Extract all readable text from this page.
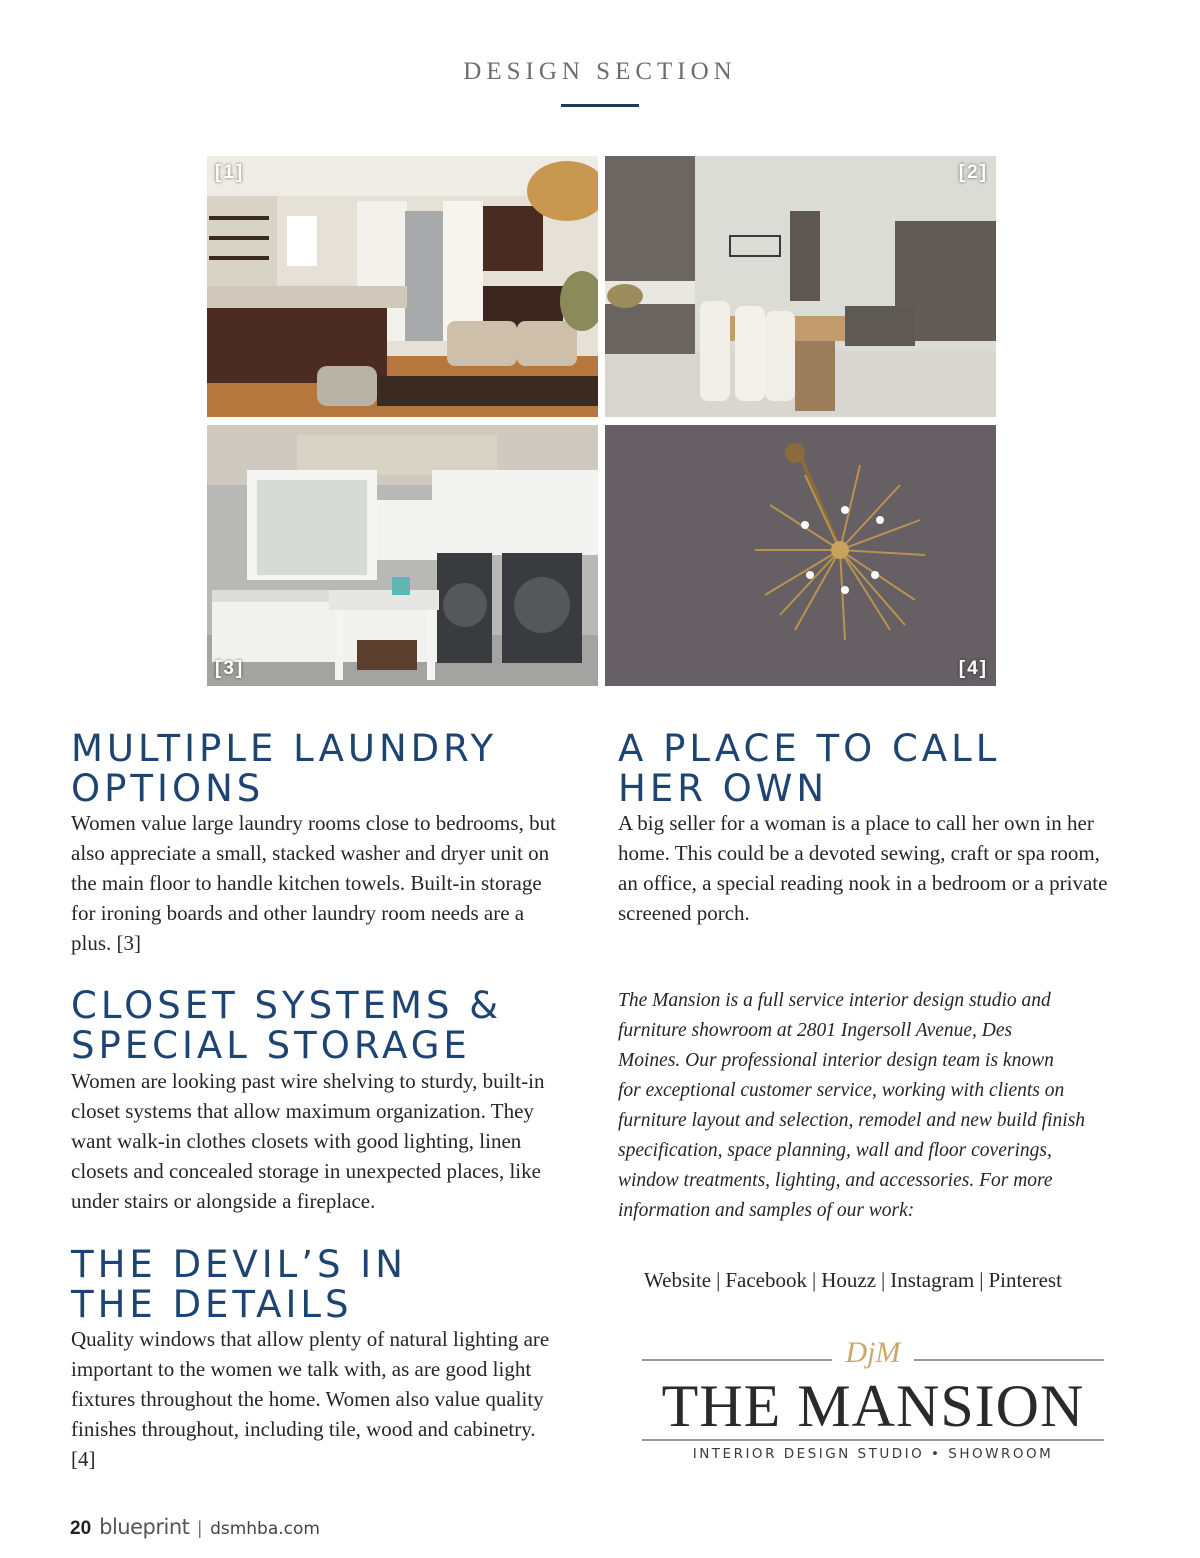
DESIGN SECTION
[1]	[2]
[3]	[4]
MULTIPLE LAUNDRY
OPTIONS

Women value large laundry rooms close to bedrooms, but
also appreciate a small, stacked washer and dryer unit on
the main floor to handle kitchen towels. Built-in storage
for ironing boards and other laundry room needs are a
plus. [3]

CLOSET SYSTEMS &
SPECIAL STORAGE

Women are looking past wire shelving to sturdy, built-in
closet systems that allow maximum organization. They
want walk-in clothes closets with good lighting, linen
closets and concealed storage in unexpected places, like
under stairs or alongside a fireplace.

THE DEVIL’S IN
THE DETAILS

Quality windows that allow plenty of natural lighting are
important to the women we talk with, as are good light
fixtures throughout the home. Women also value quality
finishes throughout, including tile, wood and cabinetry.
[4]

A PLACE TO CALL
HER OWN

A big seller for a woman is a place to call her own in her
home. This could be a devoted sewing, craft or spa room,
an office, a special reading nook in a bedroom or a private
screened porch.

The Mansion is a full service interior design studio and
furniture showroom at 2801 Ingersoll Avenue, Des
Moines. Our professional interior design team is known
for exceptional customer service, working with clients on
furniture layout and selection, remodel and new build finish
specification, space planning, wall and floor coverings,
window treatments, lighting, and accessories. For more
information and samples of our work:

Website | Facebook | Houzz | Instagram | Pinterest
DjM
THE MANSION
INTERIOR DESIGN STUDIO • SHOWROOM
20 blueprint | dsmhba.com
